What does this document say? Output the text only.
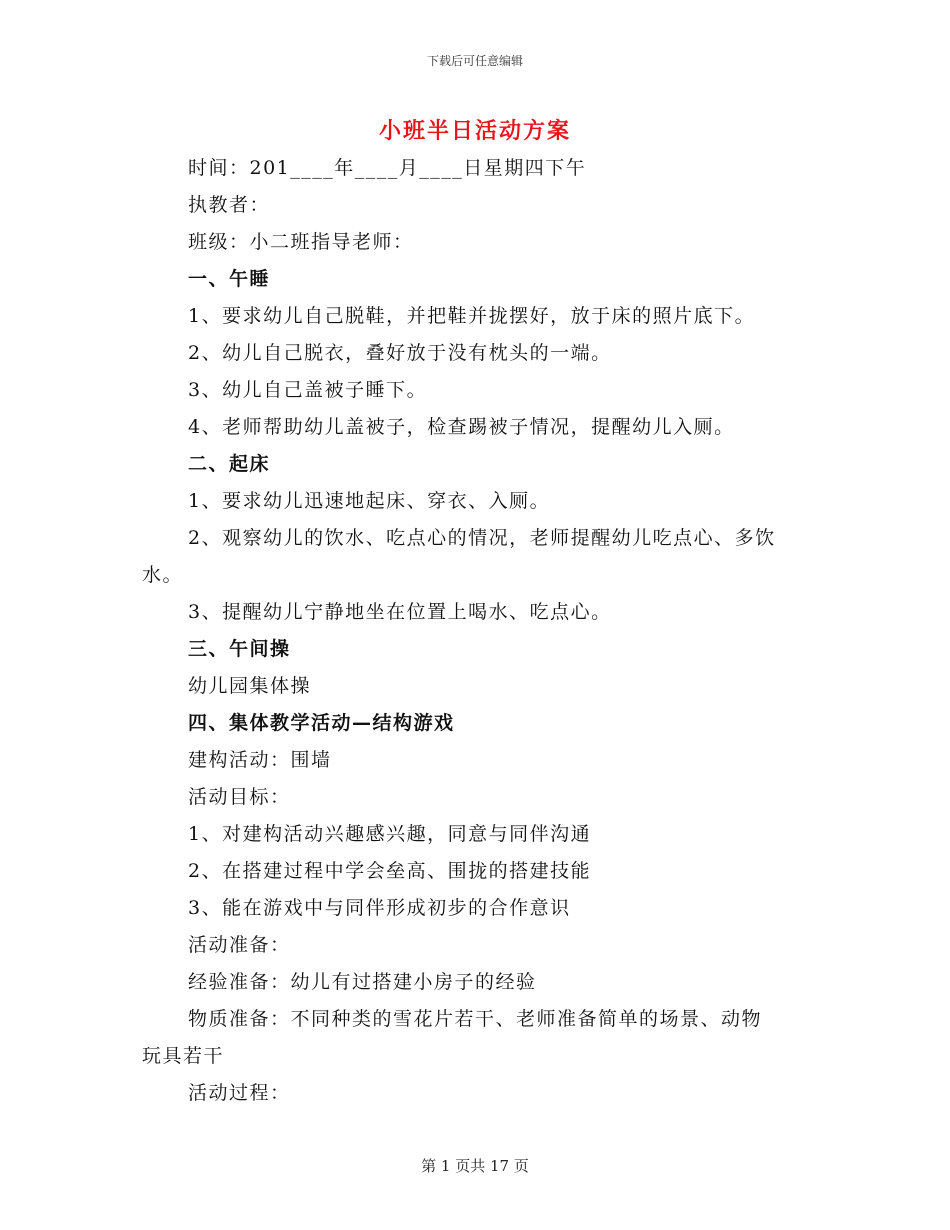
下载后可任意编辑
小班半日活动方案
时间：201____年____月____日星期四下午
执教者：
班级：小二班指导老师：
一、午睡
1、要求幼儿自己脱鞋，并把鞋并拢摆好，放于床的照片底下。
2、幼儿自己脱衣，叠好放于没有枕头的一端。
3、幼儿自己盖被子睡下。
4、老师帮助幼儿盖被子，检查踢被子情况，提醒幼儿入厕。
二、起床
1、要求幼儿迅速地起床、穿衣、入厕。
2、观察幼儿的饮水、吃点心的情况，老师提醒幼儿吃点心、多饮
水。
3、提醒幼儿宁静地坐在位置上喝水、吃点心。
三、午间操
幼儿园集体操
四、集体教学活动—结构游戏
建构活动：围墙
活动目标：
1、对建构活动兴趣感兴趣，同意与同伴沟通
2、在搭建过程中学会垒高、围拢的搭建技能
3、能在游戏中与同伴形成初步的合作意识
活动准备：
经验准备：幼儿有过搭建小房子的经验
物质准备：不同种类的雪花片若干、老师准备简单的场景、动物
玩具若干
活动过程：
第 1 页共 17 页
